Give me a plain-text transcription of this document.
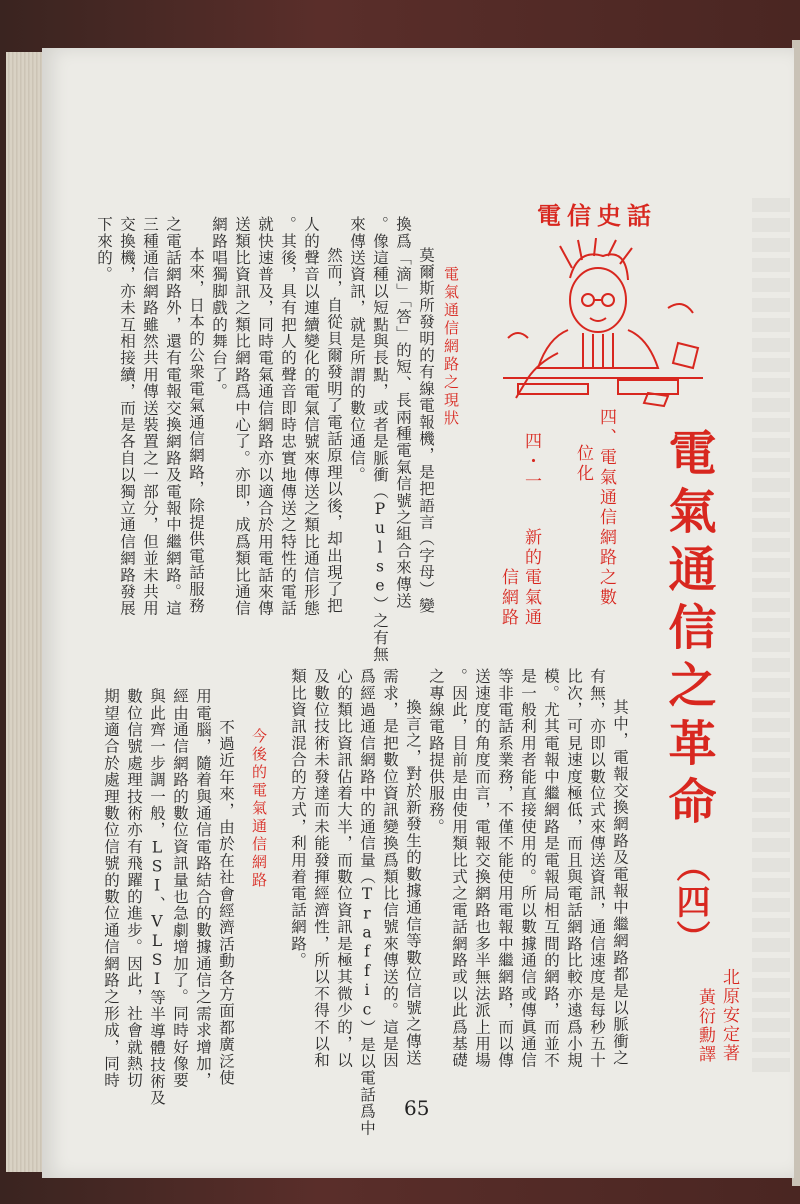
電信史話
電氣通信之革命
（四）
北原安定著
黃衍勳譯
四、電氣通信網路之數
位化
四・一
新的電氣通
信網路
電氣通信網路之現狀
今後的電氣通信網路
　莫爾斯所發明的有線電報機，是把語言（字母）變
換爲「滴」「答」的短、長兩種電氣信號之組合來傳送
。像這種以短點與長點，或者是脈衝（Pulse）之有無
來傳送資訊，就是所謂的數位通信。
　然而，自從貝爾發明了電話原理以後，却出現了把
人的聲音以連續變化的電氣信號來傳送之類比通信形態
。其後，具有把人的聲音即時忠實地傳送之特性的電話
就快速普及，同時電氣通信網路亦以適合於用電話來傳
送類比資訊之類比網路爲中心了。亦即，成爲類比通信
網路唱獨脚戲的舞台了。
　本來，日本的公衆電氣通信網路，除提供電話服務
之電話網路外，還有電報交換網路及電報中繼網路。這
三種通信網路雖然共用傳送裝置之一部分，但並未共用
交換機，亦未互相接續，而是各自以獨立通信網路發展
下來的。
　其中，電報交換網路及電報中繼網路都是以脈衝之
有無，亦即以數位式來傳送資訊，通信速度是每秒五十
比次，可見速度極低，而且與電話網路比較亦遠爲小規
模。尤其電報中繼網路是電報局相互間的網路，而並不
是一般利用者能直接使用的。所以數據通信或傳眞通信
等非電話系業務，不僅不能使用電報中繼網路，而以傳
送速度的角度而言，電報交換網路也多半無法派上用場
。因此，目前是由使用類比式之電話網路或以此爲基礎
之專線電路提供服務。
　換言之，對於新發生的數據通信等數位信號之傳送
需求，是把數位資訊變換爲類比信號來傳送的。這是因
爲經過通信網路中的通信量（Traffic）是以電話爲中
心的類比資訊佔着大半，而數位資訊是極其微少的，以
及數位技術未發達而未能發揮經濟性，所以不得不以和
類比資訊混合的方式，利用着電話網路。
　不過近年來，由於在社會經濟活動各方面都廣泛使
用電腦，隨着與通信電路結合的數據通信之需求增加，
經由通信網路的數位資訊量也急劇增加了。同時好像要
與此齊一步調一般，LSI、VLSI等半導體技術及
數位信號處理技術亦有飛躍的進步。因此，社會就熱切
期望適合於處理數位信號的數位通信網路之形成，同時
65
